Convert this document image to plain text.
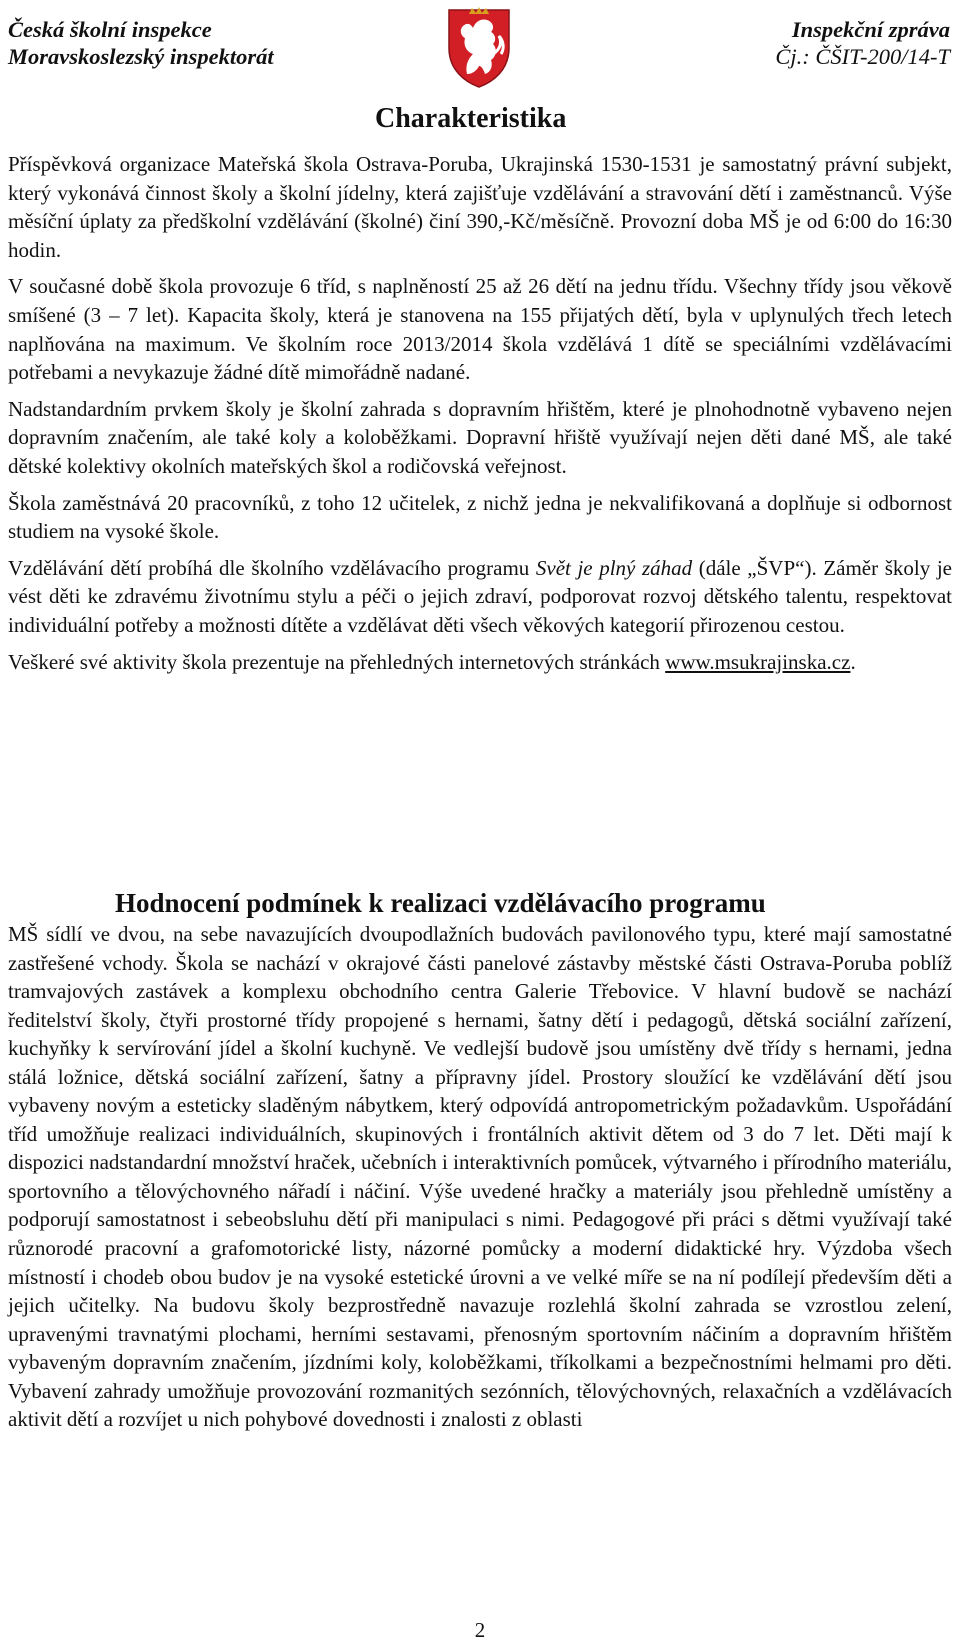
Česká školní inspekce
Moravskoslezský inspektorát
Inspekční zpráva
Čj.: ČŠIT-200/14-T
Charakteristika

Příspěvková organizace Mateřská škola Ostrava-Poruba, Ukrajinská 1530-1531 je samostatný právní subjekt, který vykonává činnost školy a školní jídelny, která zajišťuje vzdělávání a stravování dětí i zaměstnanců. Výše měsíční úplaty za předškolní vzdělávání (školné) činí 390,-Kč/měsíčně. Provozní doba MŠ je od 6:00 do 16:30 hodin.

V současné době škola provozuje 6 tříd, s naplněností 25 až 26 dětí na jednu třídu. Všechny třídy jsou věkově smíšené (3 – 7 let). Kapacita školy, která je stanovena na 155 přijatých dětí, byla v uplynulých třech letech naplňována na maximum. Ve školním roce 2013/2014 škola vzdělává 1 dítě se speciálními vzdělávacími potřebami a nevykazuje žádné dítě mimořádně nadané.

Nadstandardním prvkem školy je školní zahrada s dopravním hřištěm, které je plnohodnotně vybaveno nejen dopravním značením, ale také koly a koloběžkami. Dopravní hřiště využívají nejen děti dané MŠ, ale také dětské kolektivy okolních mateřských škol a rodičovská veřejnost.

Škola zaměstnává 20 pracovníků, z toho 12 učitelek, z nichž jedna je nekvalifikovaná a doplňuje si odbornost studiem na vysoké škole.

Vzdělávání dětí probíhá dle školního vzdělávacího programu Svět je plný záhad (dále „ŠVP“). Záměr školy je vést děti ke zdravému životnímu stylu a péči o jejich zdraví, podporovat rozvoj dětského talentu, respektovat individuální potřeby a možnosti dítěte a vzdělávat děti všech věkových kategorií přirozenou cestou.

Veškeré své aktivity škola prezentuje na přehledných internetových stránkách www.msukrajinska.cz.

Hodnocení podmínek k realizaci vzdělávacího programu

MŠ sídlí ve dvou, na sebe navazujících dvoupodlažních budovách pavilonového typu, které mají samostatné zastřešené vchody. Škola se nachází v okrajové části panelové zástavby městské části Ostrava-Poruba poblíž tramvajových zastávek a komplexu obchodního centra Galerie Třebovice. V hlavní budově se nachází ředitelství školy, čtyři prostorné třídy propojené s hernami, šatny dětí i pedagogů, dětská sociální zařízení, kuchyňky k servírování jídel a školní kuchyně. Ve vedlejší budově jsou umístěny dvě třídy s hernami, jedna stálá ložnice, dětská sociální zařízení, šatny a přípravny jídel. Prostory sloužící ke vzdělávání dětí jsou vybaveny novým a esteticky sladěným nábytkem, který odpovídá antropometrickým požadavkům. Uspořádání tříd umožňuje realizaci individuálních, skupinových i frontálních aktivit dětem od 3 do 7 let. Děti mají k dispozici nadstandardní množství hraček, učebních i interaktivních pomůcek, výtvarného i přírodního materiálu, sportovního a tělovýchovného nářadí i náčiní. Výše uvedené hračky a materiály jsou přehledně umístěny a podporují samostatnost i sebeobsluhu dětí při manipulaci s nimi. Pedagogové při práci s dětmi využívají také různorodé pracovní a grafomotorické listy, názorné pomůcky a moderní didaktické hry. Výzdoba všech místností i chodeb obou budov je na vysoké estetické úrovni a ve velké míře se na ní podílejí především děti a jejich učitelky. Na budovu školy bezprostředně navazuje rozlehlá školní zahrada se vzrostlou zelení, upravenými travnatými plochami, herními sestavami, přenosným sportovním náčiním a dopravním hřištěm vybaveným dopravním značením, jízdními koly, koloběžkami, tříkolkami a bezpečnostními helmami pro děti. Vybavení zahrady umožňuje provozování rozmanitých sezónních, tělovýchovných, relaxačních a vzdělávacích aktivit dětí a rozvíjet u nich pohybové dovednosti i znalosti z oblasti

2
